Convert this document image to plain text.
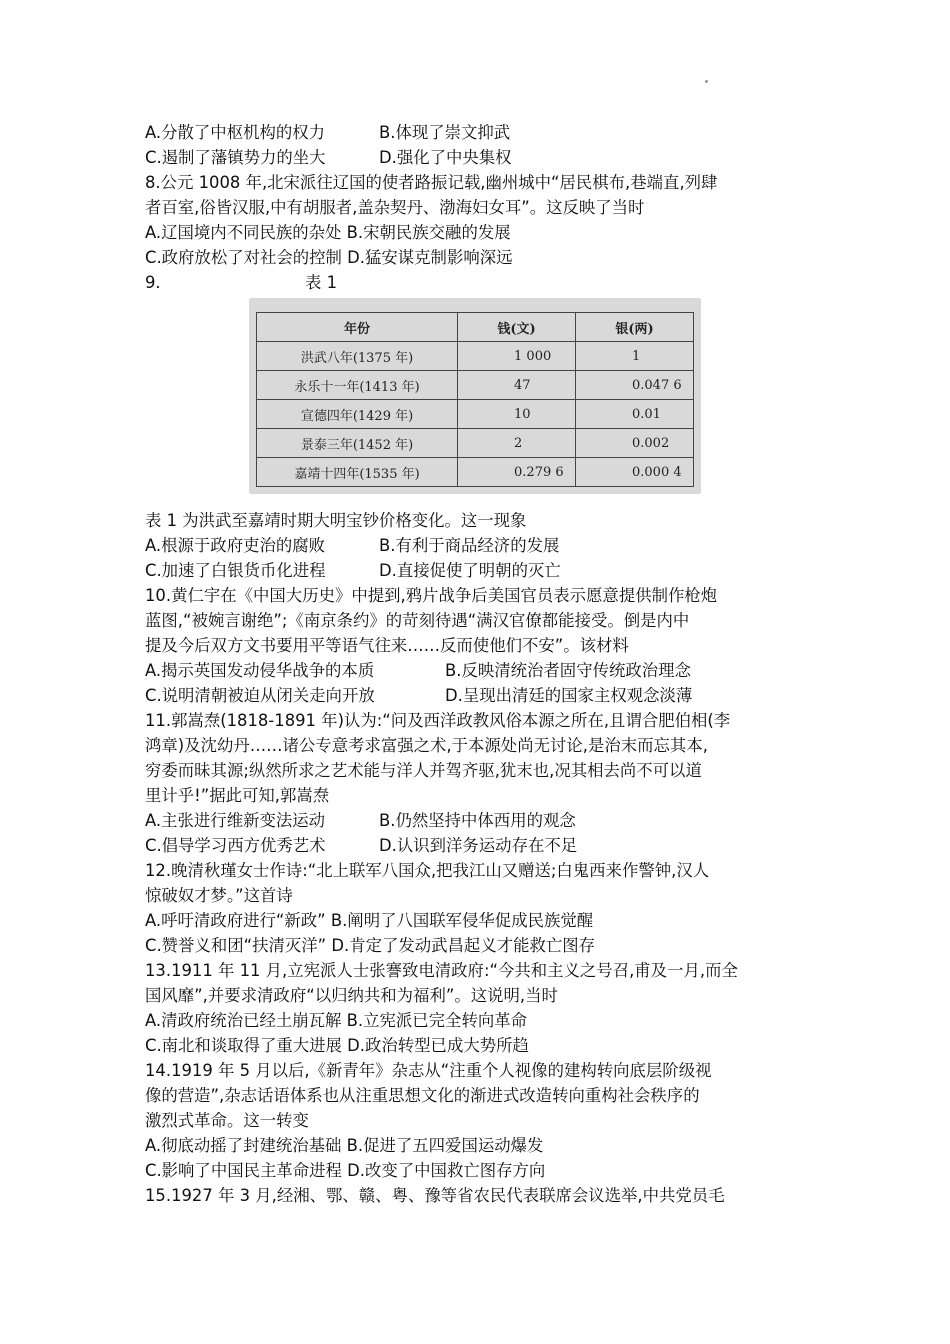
A.分散了中枢机构的权力	B.体现了崇文抑武
C.遏制了藩镇势力的坐大	D.强化了中央集权
8.公元 1008 年,北宋派往辽国的使者路振记载,幽州城中“居民棋布,巷端直,列肆
者百室,俗皆汉服,中有胡服者,盖杂契丹、渤海妇女耳”。这反映了当时
A.辽国境内不同民族的杂处 B.宋朝民族交融的发展
C.政府放松了对社会的控制 D.猛安谋克制影响深远
9.	表 1
年份	钱(文)	银(两)
洪武八年(1375 年)	1 000	1
永乐十一年(1413 年)	47	0.047 6
宣德四年(1429 年)	10	0.01
景泰三年(1452 年)	2	0.002
嘉靖十四年(1535 年)	0.279 6	0.000 4
表 1 为洪武至嘉靖时期大明宝钞价格变化。这一现象
A.根源于政府吏治的腐败	B.有利于商品经济的发展
C.加速了白银货币化进程	D.直接促使了明朝的灭亡
10.黄仁宇在《中国大历史》中提到,鸦片战争后美国官员表示愿意提供制作枪炮
蓝图,“被婉言谢绝”;《南京条约》的苛刻待遇“满汉官僚都能接受。倒是内中
提及今后双方文书要用平等语气往来……反而使他们不安”。该材料
A.揭示英国发动侵华战争的本质	B.反映清统治者固守传统政治理念
C.说明清朝被迫从闭关走向开放	D.呈现出清廷的国家主权观念淡薄
11.郭嵩焘(1818-1891 年)认为:“问及西洋政教风俗本源之所在,且谓合肥伯相(李
鸿章)及沈幼丹……诸公专意考求富强之术,于本源处尚无讨论,是治末而忘其本,
穷委而昧其源;纵然所求之艺术能与洋人并驾齐驱,犹末也,况其相去尚不可以道
里计乎!”据此可知,郭嵩焘
A.主张进行维新变法运动	B.仍然坚持中体西用的观念
C.倡导学习西方优秀艺术	D.认识到洋务运动存在不足
12.晚清秋瑾女士作诗:“北上联军八国众,把我江山又赠送;白鬼西来作警钟,汉人
惊破奴才梦。”这首诗
A.呼吁清政府进行“新政” B.阐明了八国联军侵华促成民族觉醒
C.赞誉义和团“扶清灭洋” D.肯定了发动武昌起义才能救亡图存
13.1911 年 11 月,立宪派人士张謇致电清政府:“今共和主义之号召,甫及一月,而全
国风靡”,并要求清政府“以归纳共和为福利”。这说明,当时
A.清政府统治已经土崩瓦解 B.立宪派已完全转向革命
C.南北和谈取得了重大进展 D.政治转型已成大势所趋
14.1919 年 5 月以后,《新青年》杂志从“注重个人视像的建构转向底层阶级视
像的营造”,杂志话语体系也从注重思想文化的渐进式改造转向重构社会秩序的
激烈式革命。这一转变
A.彻底动摇了封建统治基础 B.促进了五四爱国运动爆发
C.影响了中国民主革命进程 D.改变了中国救亡图存方向
15.1927 年 3 月,经湘、鄂、赣、粤、豫等省农民代表联席会议选举,中共党员毛
